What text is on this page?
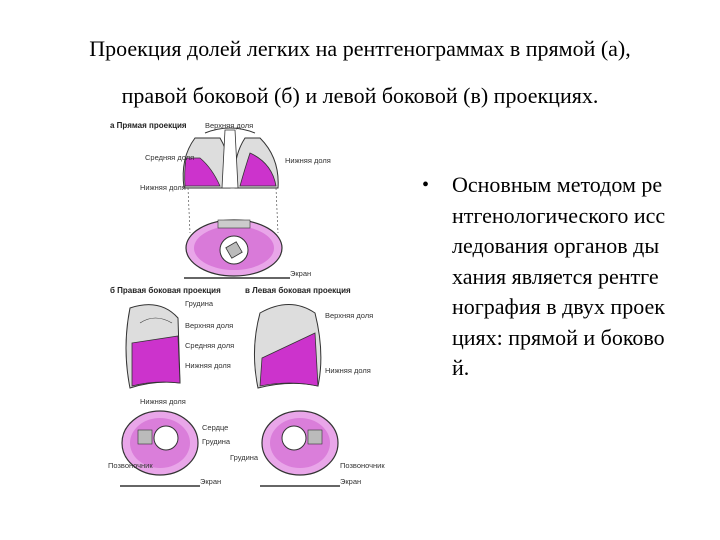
Проекция долей легких на рентгенограммах в прямой (а),
правой боковой (б) и левой боковой (в) проекциях.
а Прямая проекция Верхняя доля
Средняя доля
Нижняя доля
Нижняя доля
Экран
б Правая боковая проекция	в Левая боковая проекция
Грудина
Верхняя доля
Средняя доля
Нижняя доля
Нижняя доля
Верхняя доля
Нижняя доля
Сердце
Грудина
Позвоночник
Экран
Грудина
Позвоночник
Экран
• Основным методом рентгенологического исследования органов дыхания является рентгенография в двух проекциях: прямой и боковой.
